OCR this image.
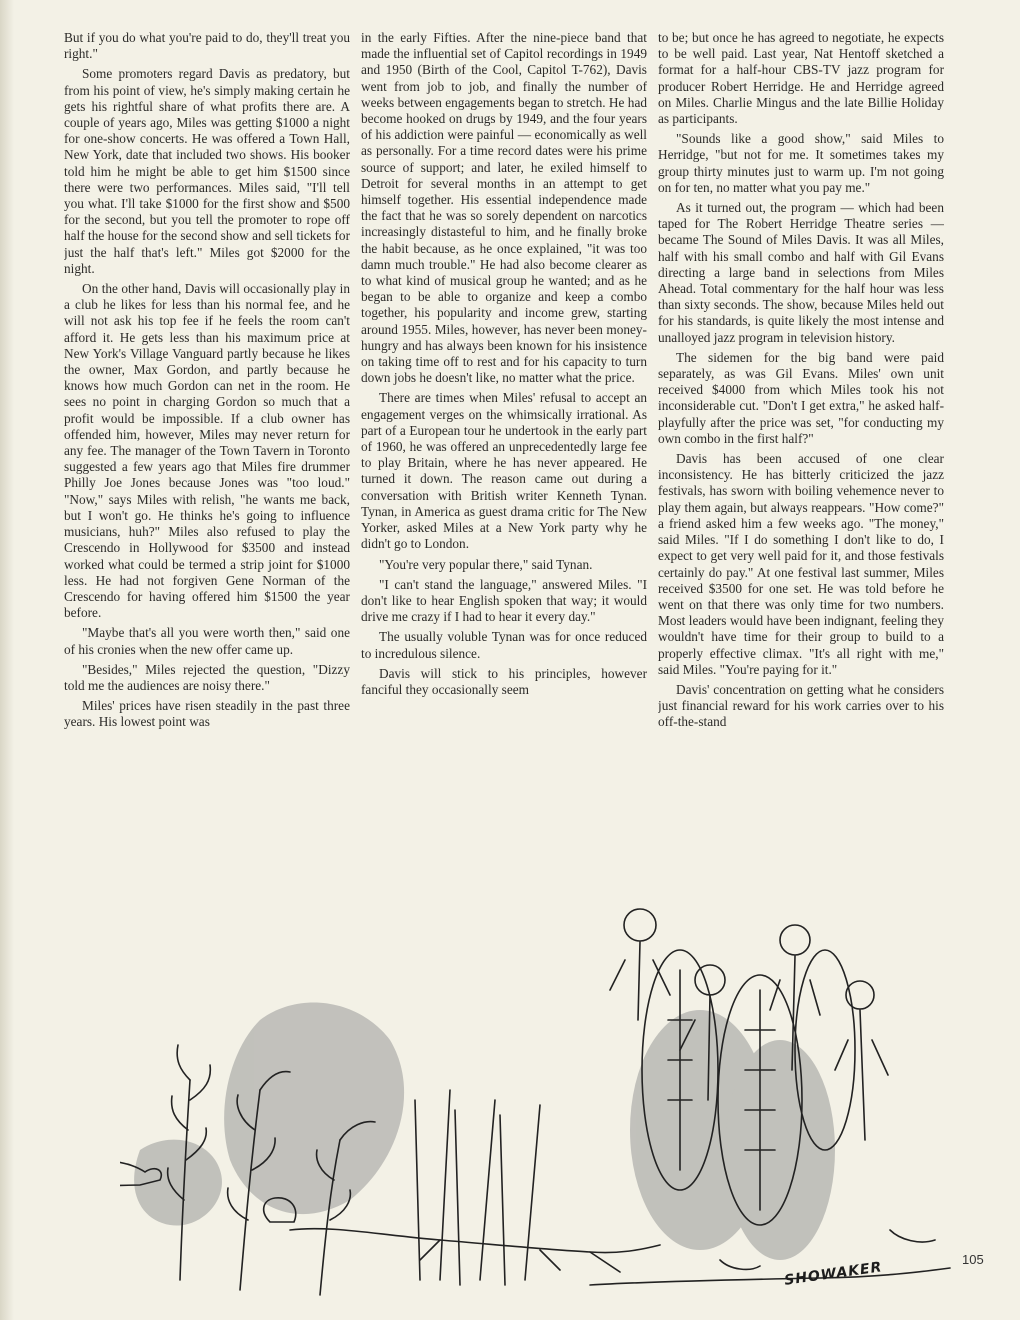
But if you do what you're paid to do, they'll treat you right."

Some promoters regard Davis as predatory, but from his point of view, he's simply making certain he gets his rightful share of what profits there are. A couple of years ago, Miles was getting $1000 a night for one-show concerts. He was offered a Town Hall, New York, date that included two shows. His booker told him he might be able to get him $1500 since there were two performances. Miles said, "I'll tell you what. I'll take $1000 for the first show and $500 for the second, but you tell the promoter to rope off half the house for the second show and sell tickets for just the half that's left." Miles got $2000 for the night.

On the other hand, Davis will occasionally play in a club he likes for less than his normal fee, and he will not ask his top fee if he feels the room can't afford it. He gets less than his maximum price at New York's Village Vanguard partly because he likes the owner, Max Gordon, and partly because he knows how much Gordon can net in the room. He sees no point in charging Gordon so much that a profit would be impossible. If a club owner has offended him, however, Miles may never return for any fee. The manager of the Town Tavern in Toronto suggested a few years ago that Miles fire drummer Philly Joe Jones because Jones was "too loud." "Now," says Miles with relish, "he wants me back, but I won't go. He thinks he's going to influence musicians, huh?" Miles also refused to play the Crescendo in Hollywood for $3500 and instead worked what could be termed a strip joint for $1000 less. He had not forgiven Gene Norman of the Crescendo for having offered him $1500 the year before.

"Maybe that's all you were worth then," said one of his cronies when the new offer came up.

"Besides," Miles rejected the question, "Dizzy told me the audiences are noisy there."

Miles' prices have risen steadily in the past three years. His lowest point was

in the early Fifties. After the nine-piece band that made the influential set of Capitol recordings in 1949 and 1950 (Birth of the Cool, Capitol T-762), Davis went from job to job, and finally the number of weeks between engagements began to stretch. He had become hooked on drugs by 1949, and the four years of his addiction were painful — economically as well as personally. For a time record dates were his prime source of support; and later, he exiled himself to Detroit for several months in an attempt to get himself together. His essential independence made the fact that he was so sorely dependent on narcotics increasingly distasteful to him, and he finally broke the habit because, as he once explained, "it was too damn much trouble." He had also become clearer as to what kind of musical group he wanted; and as he began to be able to organize and keep a combo together, his popularity and income grew, starting around 1955. Miles, however, has never been money-hungry and has always been known for his insistence on taking time off to rest and for his capacity to turn down jobs he doesn't like, no matter what the price.

There are times when Miles' refusal to accept an engagement verges on the whimsically irrational. As part of a European tour he undertook in the early part of 1960, he was offered an unprecedentedly large fee to play Britain, where he has never appeared. He turned it down. The reason came out during a conversation with British writer Kenneth Tynan. Tynan, in America as guest drama critic for The New Yorker, asked Miles at a New York party why he didn't go to London.

"You're very popular there," said Tynan.

"I can't stand the language," answered Miles. "I don't like to hear English spoken that way; it would drive me crazy if I had to hear it every day."

The usually voluble Tynan was for once reduced to incredulous silence.

Davis will stick to his principles, however fanciful they occasionally seem

to be; but once he has agreed to negotiate, he expects to be well paid. Last year, Nat Hentoff sketched a format for a half-hour CBS-TV jazz program for producer Robert Herridge. He and Herridge agreed on Miles. Charlie Mingus and the late Billie Holiday as participants.

"Sounds like a good show," said Miles to Herridge, "but not for me. It sometimes takes my group thirty minutes just to warm up. I'm not going on for ten, no matter what you pay me."

As it turned out, the program — which had been taped for The Robert Herridge Theatre series — became The Sound of Miles Davis. It was all Miles, half with his small combo and half with Gil Evans directing a large band in selections from Miles Ahead. Total commentary for the half hour was less than sixty seconds. The show, because Miles held out for his standards, is quite likely the most intense and unalloyed jazz program in television history.

The sidemen for the big band were paid separately, as was Gil Evans. Miles' own unit received $4000 from which Miles took his not inconsiderable cut. "Don't I get extra," he asked half-playfully after the price was set, "for conducting my own combo in the first half?"

Davis has been accused of one clear inconsistency. He has bitterly criticized the jazz festivals, has sworn with boiling vehemence never to play them again, but always reappears. "How come?" a friend asked him a few weeks ago. "The money," said Miles. "If I do something I don't like to do, I expect to get very well paid for it, and those festivals certainly do pay." At one festival last summer, Miles received $3500 for one set. He was told before he went on that there was only time for two numbers. Most leaders would have been indignant, feeling they wouldn't have time for their group to build to a properly effective climax. "It's all right with me," said Miles. "You're paying for it."

Davis' concentration on getting what he considers just financial reward for his work carries over to his off-the-stand

SHOWAKER	105
